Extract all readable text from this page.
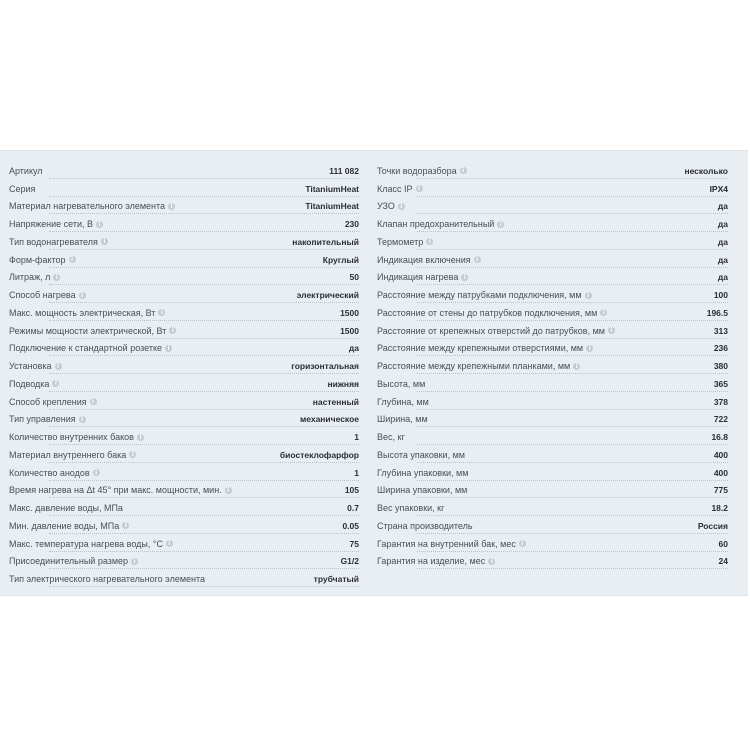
Артикул	111 082
Серия	TitaniumHeat
Материал нагревательного элемента i	TitaniumHeat
Напряжение сети, В i	230
Тип водонагревателя i	накопительный
Форм-фактор i	Круглый
Литраж, л i	50
Способ нагрева i	электрический
Макс. мощность электрическая, Вт i	1500
Режимы мощности электрической, Вт i	1500
Подключение к стандартной розетке i	да
Установка i	горизонтальная
Подводка i	нижняя
Способ крепления i	настенный
Тип управления i	механическое
Количество внутренних баков i	1
Материал внутреннего бака i	биостеклофарфор
Количество анодов i	1
Время нагрева на Δt 45° при макс. мощности, мин. i	105
Макс. давление воды, МПа	0.7
Мин. давление воды, МПа i	0.05
Макс. температура нагрева воды, °С i	75
Присоединительный размер i	G1/2
Тип электрического нагревательного элемента	трубчатый
Точки водоразбора i	несколько
Класс IP i	IPX4
УЗО i	да
Клапан предохранительный i	да
Термометр i	да
Индикация включения i	да
Индикация нагрева i	да
Расстояние между патрубками подключения, мм i	100
Расстояние от стены до патрубков подключения, мм i	196.5
Расстояние от крепежных отверстий до патрубков, мм i	313
Расстояние между крепежными отверстиями, мм i	236
Расстояние между крепежными планками, мм i	380
Высота, мм	365
Глубина, мм	378
Ширина, мм	722
Вес, кг	16.8
Высота упаковки, мм	400
Глубина упаковки, мм	400
Ширина упаковки, мм	775
Вес упаковки, кг	18.2
Страна производитель	Россия
Гарантия на внутренний бак, мес i	60
Гарантия на изделие, мес i	24
